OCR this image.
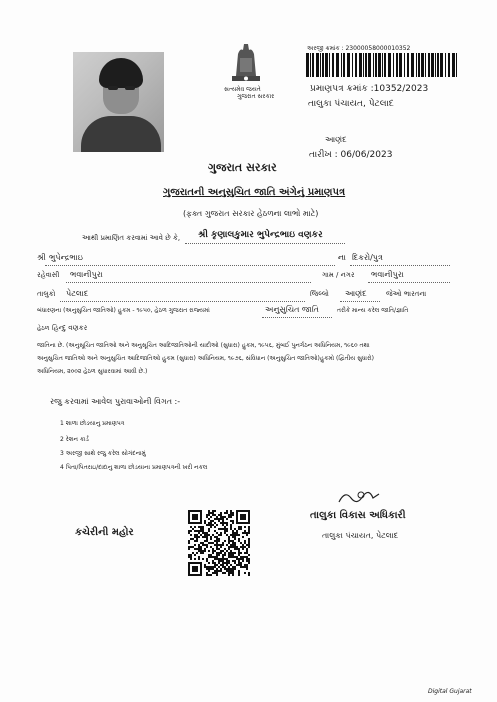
સત્યમેવ જયતે
ગુજરાત સરકાર
અરજી ક્રમાંક : 23000058000010352
પ્રમાણપત્ર ક્રમાંક :10352/2023
તાલુકા પંચાયત, પેટલાદ
આણંદ
તારીખ : 06/06/2023
ગુજરાત સરકાર
ગુજરાતની અનુસુચિત જાતિ અંગેનું પ્રમાણપત્ર
(ફક્ત ગુજરાત સરકાર હેઠળના લાભો માટે)
આથી પ્રમાણિત કરવામાં આવે છે કે, શ્રી કૃણાલકુમાર ભુપેન્દ્રભાઇ વણકર
શ્રી ભુપેન્દ્રભાઇ	ના દિકરો/પુત્ર
રહેવાસી ભવાનીપુરા	ગામ / નગર ભવાનીપુરા
તાલુકો પેટલાદ	જિલ્લો આણંદ	જેઓ ભારતના
બંધારણના (અનુસુચિત જાતિઓ) હુકમ - ૧૯૫૦, હેઠળ ગુજરાત રાજ્યમાં	અનુસુચિત જાતિ	તરીકે માન્ય કરેલ જાતિ/જ્ઞાતિ
હેઠળ હિન્દુ વણકર
જાતિના છે. (અનુસૂચિત જાતિઓ અને અનુસૂચિત આદિજાતિઓની યાદીઓ (સુધારા) હુકમ, ૧૯૫૬, મુંબઈ પુનર્ગઠન અધિનિયમ, ૧૯૬૦ તથા
અનુસુચિત જાતિઓ અને અનુસુચિત આદિજાતિઓ હુકમ (સુધારા) અધિનિયમ, ૧૯૭૬, સંવિધાન (અનુસુચિત જાતિઓ)હુકમો (દ્વિતીય સુધારો)
અધિનિયમ, ૨૦૦૨ હેઠળ સુધારવામાં આવી છે.)
રજુ કરવામાં આવેલ પુરાવાઓની વિગત :-
1 શાળા છોડયાનુ પ્રમાણપત્ર
2 રેશન કાર્ડ
3 અરજી સાથે રજુ કરેલ સોગંદનામું
4 પિતા/પિતરાઇ/દાદાનુ શાળા છોડયાના પ્રમાણપત્રની ખરી નકલ
કચેરીની મહોર
તાલુકા વિકાસ અધિકારી
તાલુકા પંચાયત, પેટલાદ
Digital Gujarat
